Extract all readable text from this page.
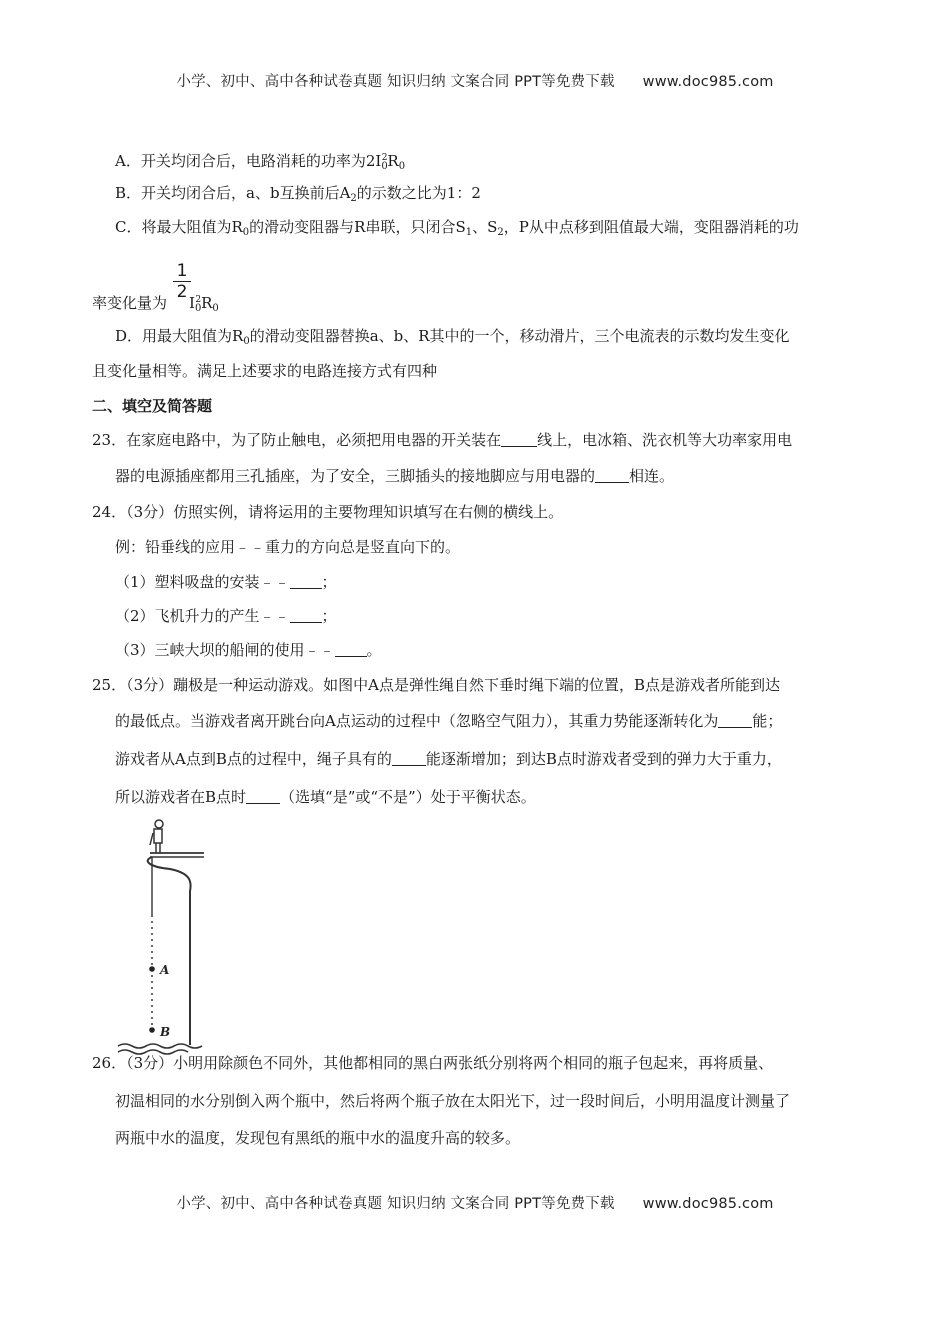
小学、初中、高中各种试卷真题 知识归纳 文案合同 PPT等免费下载 www.doc985.com
A．开关均闭合后，电路消耗的功率为$2I_0^2R_0$
B．开关均闭合后，a、b互换前后$A_2$的示数之比为1：2
C．将最大阻值为$R_0$的滑动变阻器与R串联，只闭合$S_1$、$S_2$，P从中点移到阻值最大端，变阻器消耗的功
率变化量为 $I_0^2R_0$
1
2
D．用最大阻值为$R_0$的滑动变阻器替换a、b、R其中的一个，移动滑片，三个电流表的示数均发生变化
且变化量相等。满足上述要求的电路连接方式有四种
二、填空及简答题
23．在家庭电路中，为了防止触电，必须把用电器的开关装在 线上，电冰箱、洗衣机等大功率家用电
器的电源插座都用三孔插座，为了安全，三脚插头的接地脚应与用电器的 相连。
24．（3分）仿照实例，请将运用的主要物理知识填写在右侧的横线上。
例：铅垂线的应用﹣﹣重力的方向总是竖直向下的。
（1）塑料吸盘的安装﹣﹣ ；
（2）飞机升力的产生﹣﹣ ；
（3）三峡大坝的船闸的使用﹣﹣ 。
25．（3分）蹦极是一种运动游戏。如图中A点是弹性绳自然下垂时绳下端的位置，B点是游戏者所能到达
的最低点。当游戏者离开跳台向A点运动的过程中（忽略空气阻力），其重力势能逐渐转化为 能；
游戏者从A点到B点的过程中，绳子具有的 能逐渐增加；到达B点时游戏者受到的弹力大于重力，
所以游戏者在B点时 （选填“是”或“不是”）处于平衡状态。
A
B
26．（3分）小明用除颜色不同外，其他都相同的黑白两张纸分别将两个相同的瓶子包起来，再将质量、
初温相同的水分别倒入两个瓶中，然后将两个瓶子放在太阳光下，过一段时间后，小明用温度计测量了
两瓶中水的温度，发现包有黑纸的瓶中水的温度升高的较多。
小学、初中、高中各种试卷真题 知识归纳 文案合同 PPT等免费下载 www.doc985.com
